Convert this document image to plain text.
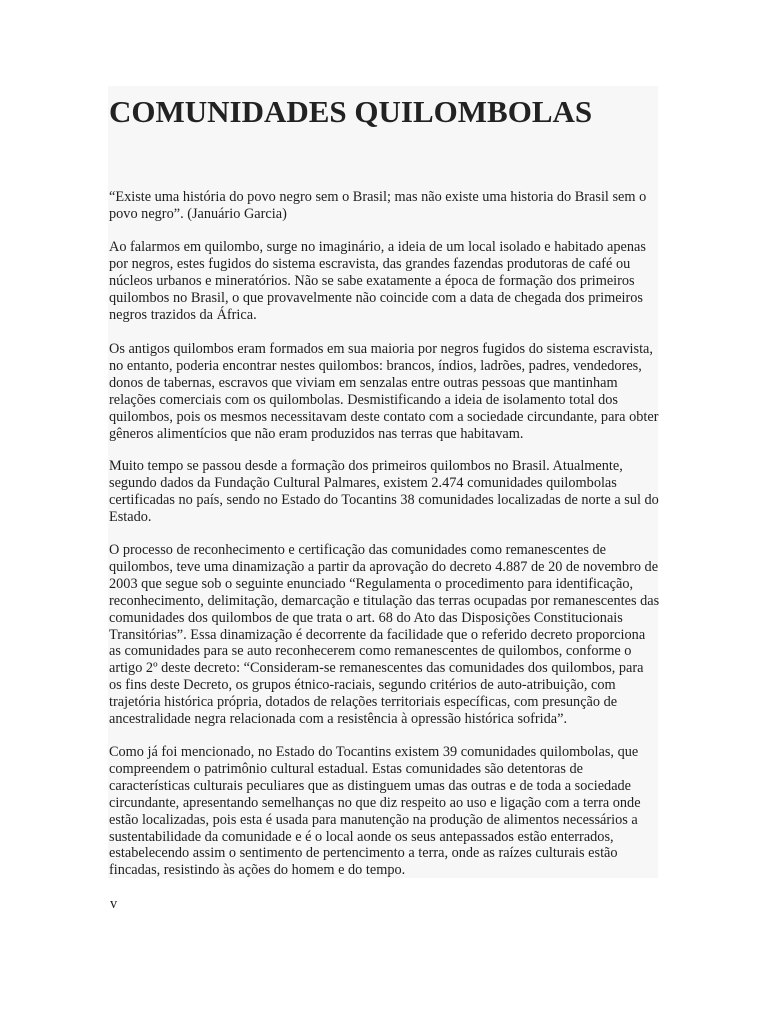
COMUNIDADES QUILOMBOLAS

“Existe uma história do povo negro sem o Brasil; mas não existe uma historia do Brasil sem o
povo negro”. (Januário Garcia)

Ao falarmos em quilombo, surge no imaginário, a ideia de um local isolado e habitado apenas
por negros, estes fugidos do sistema escravista, das grandes fazendas produtoras de café ou
núcleos urbanos e mineratórios. Não se sabe exatamente a época de formação dos primeiros
quilombos no Brasil, o que provavelmente não coincide com a data de chegada dos primeiros
negros trazidos da África.

Os antigos quilombos eram formados em sua maioria por negros fugidos do sistema escravista,
no entanto, poderia encontrar nestes quilombos: brancos, índios, ladrões, padres, vendedores,
donos de tabernas, escravos que viviam em senzalas entre outras pessoas que mantinham
relações comerciais com os quilombolas. Desmistificando a ideia de isolamento total dos
quilombos, pois os mesmos necessitavam deste contato com a sociedade circundante, para obter
gêneros alimentícios que não eram produzidos nas terras que habitavam.

Muito tempo se passou desde a formação dos primeiros quilombos no Brasil. Atualmente,
segundo dados da Fundação Cultural Palmares, existem 2.474 comunidades quilombolas
certificadas no país, sendo no Estado do Tocantins 38 comunidades localizadas de norte a sul do
Estado.

O processo de reconhecimento e certificação das comunidades como remanescentes de
quilombos, teve uma dinamização a partir da aprovação do decreto 4.887 de 20 de novembro de
2003 que segue sob o seguinte enunciado “Regulamenta o procedimento para identificação,
reconhecimento, delimitação, demarcação e titulação das terras ocupadas por remanescentes das
comunidades dos quilombos de que trata o art. 68 do Ato das Disposições Constitucionais
Transitórias”. Essa dinamização é decorrente da facilidade que o referido decreto proporciona
as comunidades para se auto reconhecerem como remanescentes de quilombos, conforme o
artigo 2º deste decreto: “Consideram-se remanescentes das comunidades dos quilombos, para
os fins deste Decreto, os grupos étnico-raciais, segundo critérios de auto-atribuição, com
trajetória histórica própria, dotados de relações territoriais específicas, com presunção de
ancestralidade negra relacionada com a resistência à opressão histórica sofrida”.

Como já foi mencionado, no Estado do Tocantins existem 39 comunidades quilombolas, que
compreendem o patrimônio cultural estadual. Estas comunidades são detentoras de
características culturais peculiares que as distinguem umas das outras e de toda a sociedade
circundante, apresentando semelhanças no que diz respeito ao uso e ligação com a terra onde
estão localizadas, pois esta é usada para manutenção na produção de alimentos necessários a
sustentabilidade da comunidade e é o local aonde os seus antepassados estão enterrados,
estabelecendo assim o sentimento de pertencimento a terra, onde as raízes culturais estão
fincadas, resistindo às ações do homem e do tempo.

v
